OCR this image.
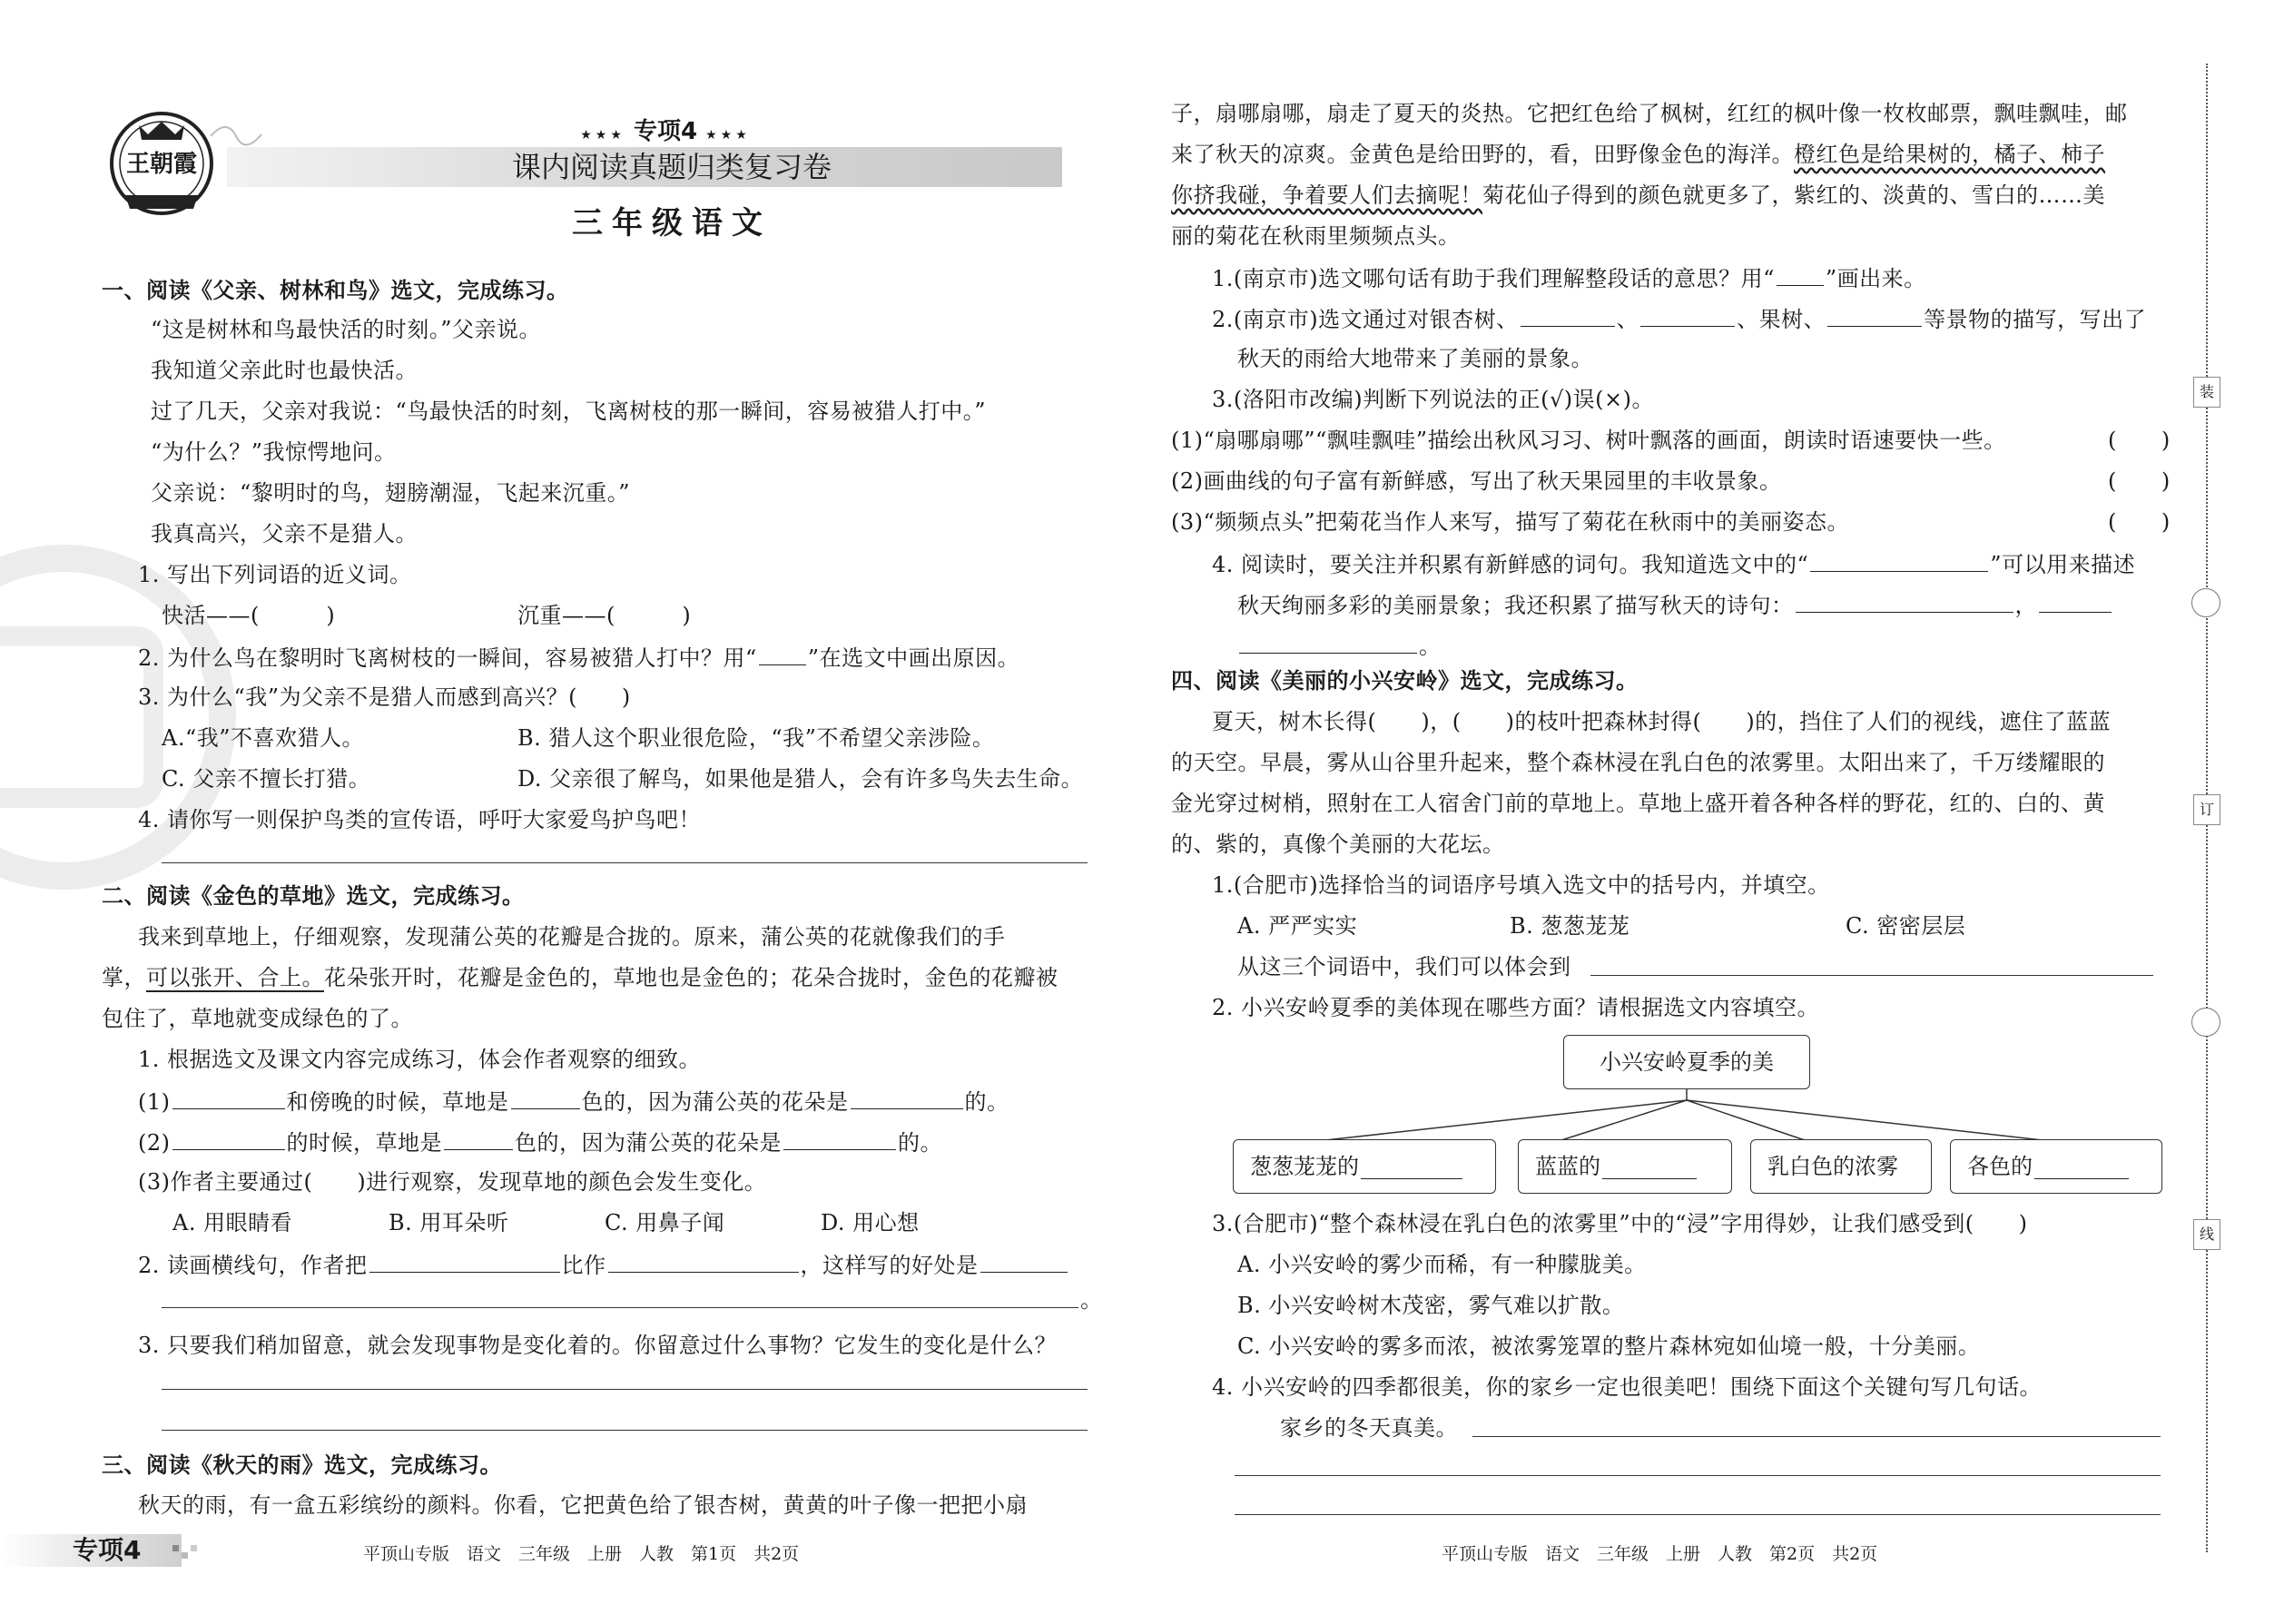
王朝霞
★★★ 专项4 ★★★
课内阅读真题归类复习卷
三年级语文
一、阅读《父亲、树林和鸟》选文，完成练习。
“这是树林和鸟最快活的时刻。”父亲说。
我知道父亲此时也最快活。
过了几天，父亲对我说：“鸟最快活的时刻，飞离树枝的那一瞬间，容易被猎人打中。”
“为什么？”我惊愕地问。
父亲说：“黎明时的鸟，翅膀潮湿，飞起来沉重。”
我真高兴，父亲不是猎人。
1. 写出下列词语的近义词。
快活——(　　　)	沉重——(　　　)
2. 为什么鸟在黎明时飞离树枝的一瞬间，容易被猎人打中？用“ ”在选文中画出原因。
3. 为什么“我”为父亲不是猎人而感到高兴？(　　)
A.“我”不喜欢猎人。	B. 猎人这个职业很危险，“我”不希望父亲涉险。
C. 父亲不擅长打猎。	D. 父亲很了解鸟，如果他是猎人，会有许多鸟失去生命。
4. 请你写一则保护鸟类的宣传语，呼吁大家爱鸟护鸟吧！
二、阅读《金色的草地》选文，完成练习。
我来到草地上，仔细观察，发现蒲公英的花瓣是合拢的。原来，蒲公英的花就像我们的手
掌，可以张开、合上。花朵张开时，花瓣是金色的，草地也是金色的；花朵合拢时，金色的花瓣被
包住了，草地就变成绿色的了。
1. 根据选文及课文内容完成练习，体会作者观察的细致。
(1)	和傍晚的时候，草地是	色的，因为蒲公英的花朵是	的。
(2)	的时候，草地是	色的，因为蒲公英的花朵是	的。
(3)作者主要通过(　　)进行观察，发现草地的颜色会发生变化。
A. 用眼睛看	B. 用耳朵听	C. 用鼻子闻	D. 用心想
2. 读画横线句，作者把	比作	，这样写的好处是
。
3. 只要我们稍加留意，就会发现事物是变化着的。你留意过什么事物？它发生的变化是什么？
三、阅读《秋天的雨》选文，完成练习。
秋天的雨，有一盒五彩缤纷的颜料。你看，它把黄色给了银杏树，黄黄的叶子像一把把小扇
专项4	平顶山专版　语文　三年级　上册　人教　第1页　共2页
子，扇哪扇哪，扇走了夏天的炎热。它把红色给了枫树，红红的枫叶像一枚枚邮票，飘哇飘哇，邮
来了秋天的凉爽。金黄色是给田野的，看，田野像金色的海洋。橙红色是给果树的，橘子、柿子
你挤我碰，争着要人们去摘呢！菊花仙子得到的颜色就更多了，紫红的、淡黄的、雪白的……美
丽的菊花在秋雨里频频点头。
1.(南京市)选文哪句话有助于我们理解整段话的意思？用“ ”画出来。
2.(南京市)选文通过对银杏树、	、	、果树、	等景物的描写，写出了
秋天的雨给大地带来了美丽的景象。
3.(洛阳市改编)判断下列说法的正(√)误(×)。
(1)“扇哪扇哪”“飘哇飘哇”描绘出秋风习习、树叶飘落的画面，朗读时语速要快一些。	(　　)
(2)画曲线的句子富有新鲜感，写出了秋天果园里的丰收景象。	(　　)
(3)“频频点头”把菊花当作人来写，描写了菊花在秋雨中的美丽姿态。	(　　)
4. 阅读时，要关注并积累有新鲜感的词句。我知道选文中的“	”可以用来描述
秋天绚丽多彩的美丽景象；我还积累了描写秋天的诗句：	，
。
四、阅读《美丽的小兴安岭》选文，完成练习。
夏天，树木长得(　　)，(　　)的枝叶把森林封得(　　)的，挡住了人们的视线，遮住了蓝蓝
的天空。早晨，雾从山谷里升起来，整个森林浸在乳白色的浓雾里。太阳出来了，千万缕耀眼的
金光穿过树梢，照射在工人宿舍门前的草地上。草地上盛开着各种各样的野花，红的、白的、黄
的、紫的，真像个美丽的大花坛。
1.(合肥市)选择恰当的词语序号填入选文中的括号内，并填空。
A. 严严实实	B. 葱葱茏茏	C. 密密层层
从这三个词语中，我们可以体会到
2. 小兴安岭夏季的美体现在哪些方面？请根据选文内容填空。
小兴安岭夏季的美
葱葱茏茏的	蓝蓝的	乳白色的浓雾	各色的
3.(合肥市)“整个森林浸在乳白色的浓雾里”中的“浸”字用得妙，让我们感受到(　　)
A. 小兴安岭的雾少而稀，有一种朦胧美。
B. 小兴安岭树木茂密，雾气难以扩散。
C. 小兴安岭的雾多而浓，被浓雾笼罩的整片森林宛如仙境一般，十分美丽。
4. 小兴安岭的四季都很美，你的家乡一定也很美吧！围绕下面这个关键句写几句话。
家乡的冬天真美。
平顶山专版　语文　三年级　上册　人教　第2页　共2页
装
订
线
